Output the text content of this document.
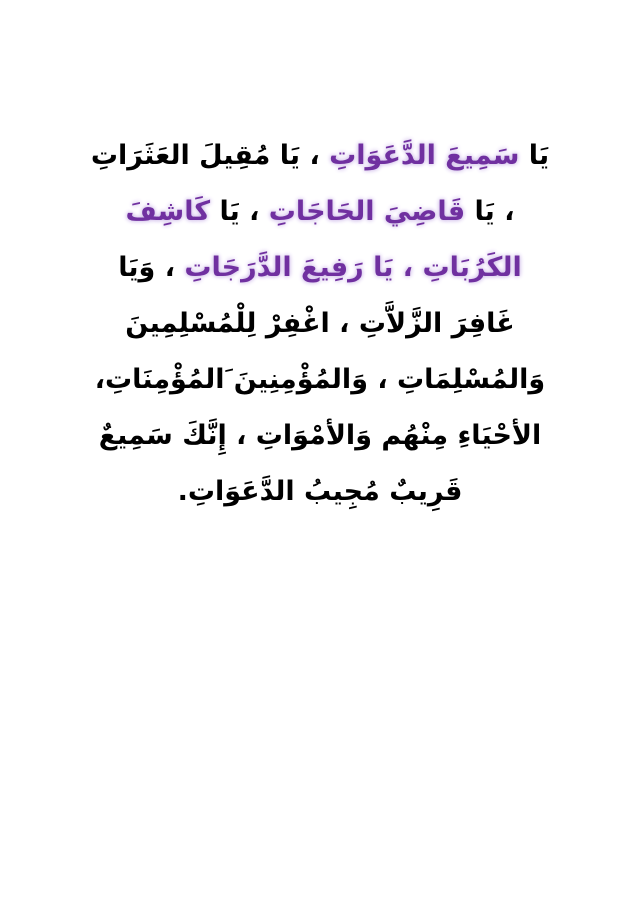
يَا سَمِيعَ الدَّعَوَاتِ ، يَا مُقِيلَ العَثَرَاتِ
، يَا قَاضِيَ الحَاجَاتِ ، يَا كَاشِفَ
الكَرُبَاتِ ، يَا رَفِيعَ الدَّرَجَاتِ ، وَيَا
غَافِرَ الزَّلاَّتِ ، اغْفِرْ لِلْمُسْلِمِينَ
وَالمُسْلِمَاتِ ، وَالمُؤْمِنِينَ َالمُؤْمِنَاتِ،
الأحْيَاءِ مِنْهُم وَالأمْوَاتِ ، إِنَّكَ سَمِيعٌ
قَرِيبٌ مُجِيبُ الدَّعَوَاتِ.
